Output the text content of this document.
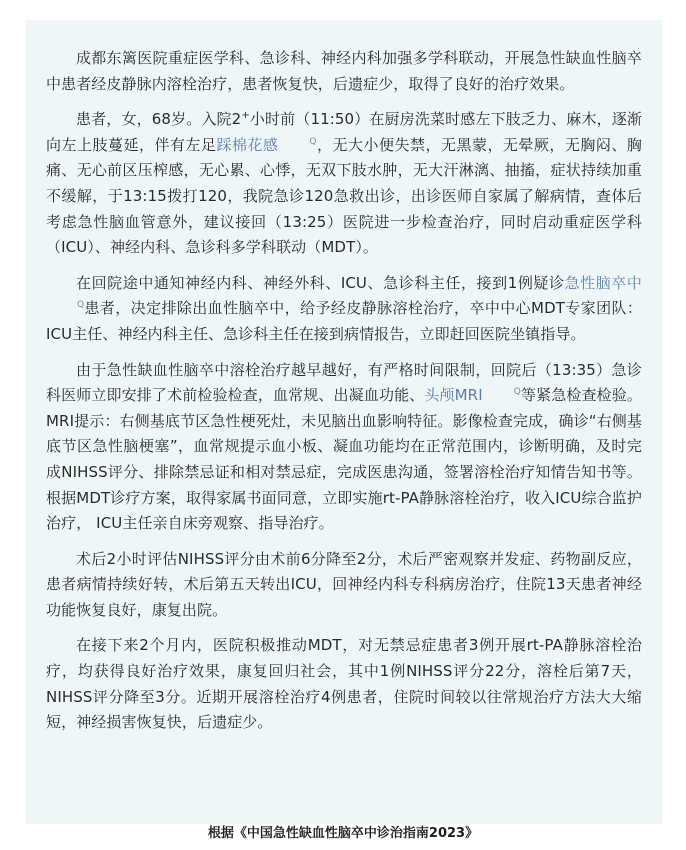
成都东篱医院重症医学科、急诊科、神经内科加强多学科联动，开展急性缺血性脑卒中患者经皮静脉内溶栓治疗，患者恢复快，后遗症少，取得了良好的治疗效果。

患者，女，68岁。入院2+小时前（11:50）在厨房洗菜时感左下肢乏力、麻木，逐渐向左上肢蔓延，伴有左足踩棉花感	Q，无大小便失禁，无黑蒙，无晕厥，无胸闷、胸痛、无心前区压榨感，无心累、心悸，无双下肢水肿，无大汗淋漓、抽搐，症状持续加重不缓解，于13:15拨打120，我院急诊120急救出诊，出诊医师自家属了解病情，查体后考虑急性脑血管意外，建议接回（13:25）医院进一步检查治疗，同时启动重症医学科（ICU）、神经内科、急诊科多学科联动（MDT）。

在回院途中通知神经内科、神经外科、ICU、急诊科主任，接到1例疑诊急性脑卒中Q患者，决定排除出血性脑卒中，给予经皮静脉溶栓治疗，卒中中心MDT专家团队：ICU主任、神经内科主任、急诊科主任在接到病情报告，立即赶回医院坐镇指导。

由于急性缺血性脑卒中溶栓治疗越早越好，有严格时间限制，回院后（13:35）急诊科医师立即安排了术前检验检查，血常规、出凝血功能、头颅MRI	Q等紧急检查检验。MRI提示：右侧基底节区急性梗死灶，未见脑出血影响特征。影像检查完成，确诊“右侧基底节区急性脑梗塞”，血常规提示血小板、凝血功能均在正常范围内，诊断明确，及时完成NIHSS评分、排除禁忌证和相对禁忌症，完成医患沟通，签署溶栓治疗知情告知书等。根据MDT诊疗方案，取得家属书面同意，立即实施rt-PA静脉溶栓治疗，收入ICU综合监护治疗， ICU主任亲自床旁观察、指导治疗。

术后2小时评估NIHSS评分由术前6分降至2分，术后严密观察并发症、药物副反应，患者病情持续好转，术后第五天转出ICU，回神经内科专科病房治疗，住院13天患者神经功能恢复良好，康复出院。

在接下来2个月内，医院积极推动MDT，对无禁忌症患者3例开展rt-PA静脉溶栓治疗，均获得良好治疗效果，康复回归社会，其中1例NIHSS评分22分，溶栓后第7天，NIHSS评分降至3分。近期开展溶栓治疗4例患者，住院时间较以往常规治疗方法大大缩短，神经损害恢复快，后遗症少。

根据《中国急性缺血性脑卒中诊治指南2023》
